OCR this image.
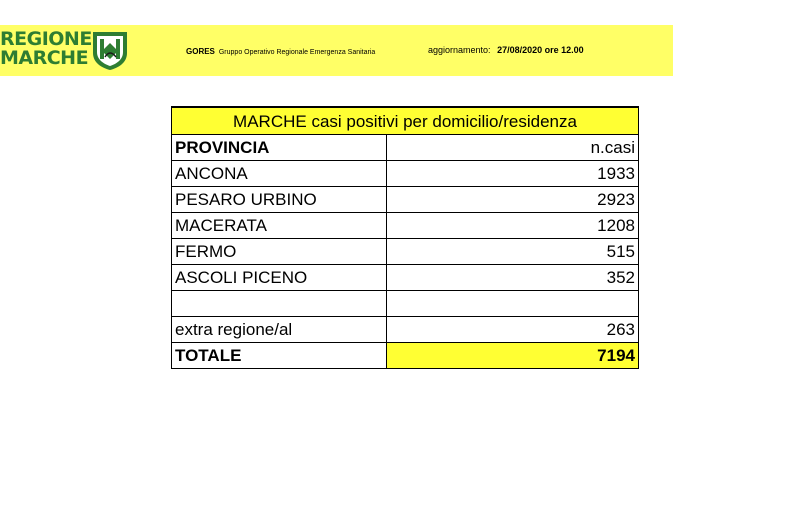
REGIONE
MARCHE	GORES Gruppo Operativo Regionale Emergenza Sanitaria	aggiornamento: 27/08/2020 ore 12.00
MARCHE casi positivi per domicilio/residenza	
PROVINCIA	n.casi
ANCONA	1933
PESARO URBINO	2923
MACERATA	1208
FERMO	515
ASCOLI PICENO	352

extra regione/al	263
TOTALE	7194
